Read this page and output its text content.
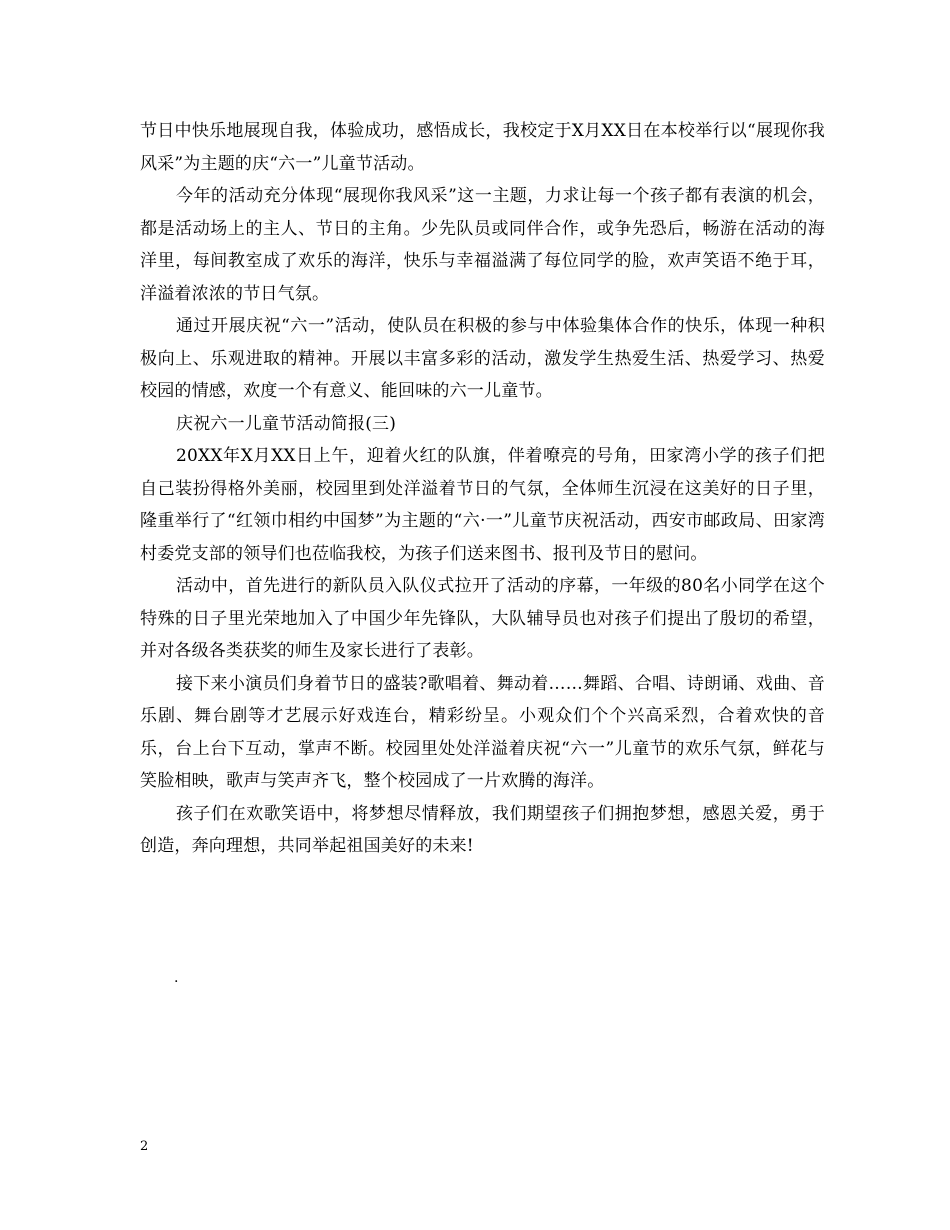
节日中快乐地展现自我，体验成功，感悟成长，我校定于X月XX日在本校举行以“展现你我风采”为主题的庆“六一”儿童节活动。

今年的活动充分体现“展现你我风采”这一主题，力求让每一个孩子都有表演的机会，都是活动场上的主人、节日的主角。少先队员或同伴合作，或争先恐后，畅游在活动的海洋里，每间教室成了欢乐的海洋，快乐与幸福溢满了每位同学的脸，欢声笑语不绝于耳，洋溢着浓浓的节日气氛。

通过开展庆祝“六一”活动，使队员在积极的参与中体验集体合作的快乐，体现一种积极向上、乐观进取的精神。开展以丰富多彩的活动，激发学生热爱生活、热爱学习、热爱校园的情感，欢度一个有意义、能回味的六一儿童节。

庆祝六一儿童节活动简报(三)

20XX年X月XX日上午，迎着火红的队旗，伴着嘹亮的号角，田家湾小学的孩子们把自己装扮得格外美丽，校园里到处洋溢着节日的气氛，全体师生沉浸在这美好的日子里，隆重举行了“红领巾相约中国梦”为主题的“六·一”儿童节庆祝活动，西安市邮政局、田家湾村委党支部的领导们也莅临我校，为孩子们送来图书、报刊及节日的慰问。

活动中，首先进行的新队员入队仪式拉开了活动的序幕，一年级的80名小同学在这个特殊的日子里光荣地加入了中国少年先锋队，大队辅导员也对孩子们提出了殷切的希望，并对各级各类获奖的师生及家长进行了表彰。

接下来小演员们身着节日的盛装?歌唱着、舞动着……舞蹈、合唱、诗朗诵、戏曲、音乐剧、舞台剧等才艺展示好戏连台，精彩纷呈。小观众们个个兴高采烈，合着欢快的音乐，台上台下互动，掌声不断。校园里处处洋溢着庆祝“六一”儿童节的欢乐气氛，鲜花与笑脸相映，歌声与笑声齐飞，整个校园成了一片欢腾的海洋。

孩子们在欢歌笑语中，将梦想尽情释放，我们期望孩子们拥抱梦想，感恩关爱，勇于创造，奔向理想，共同举起祖国美好的未来!

.
2
